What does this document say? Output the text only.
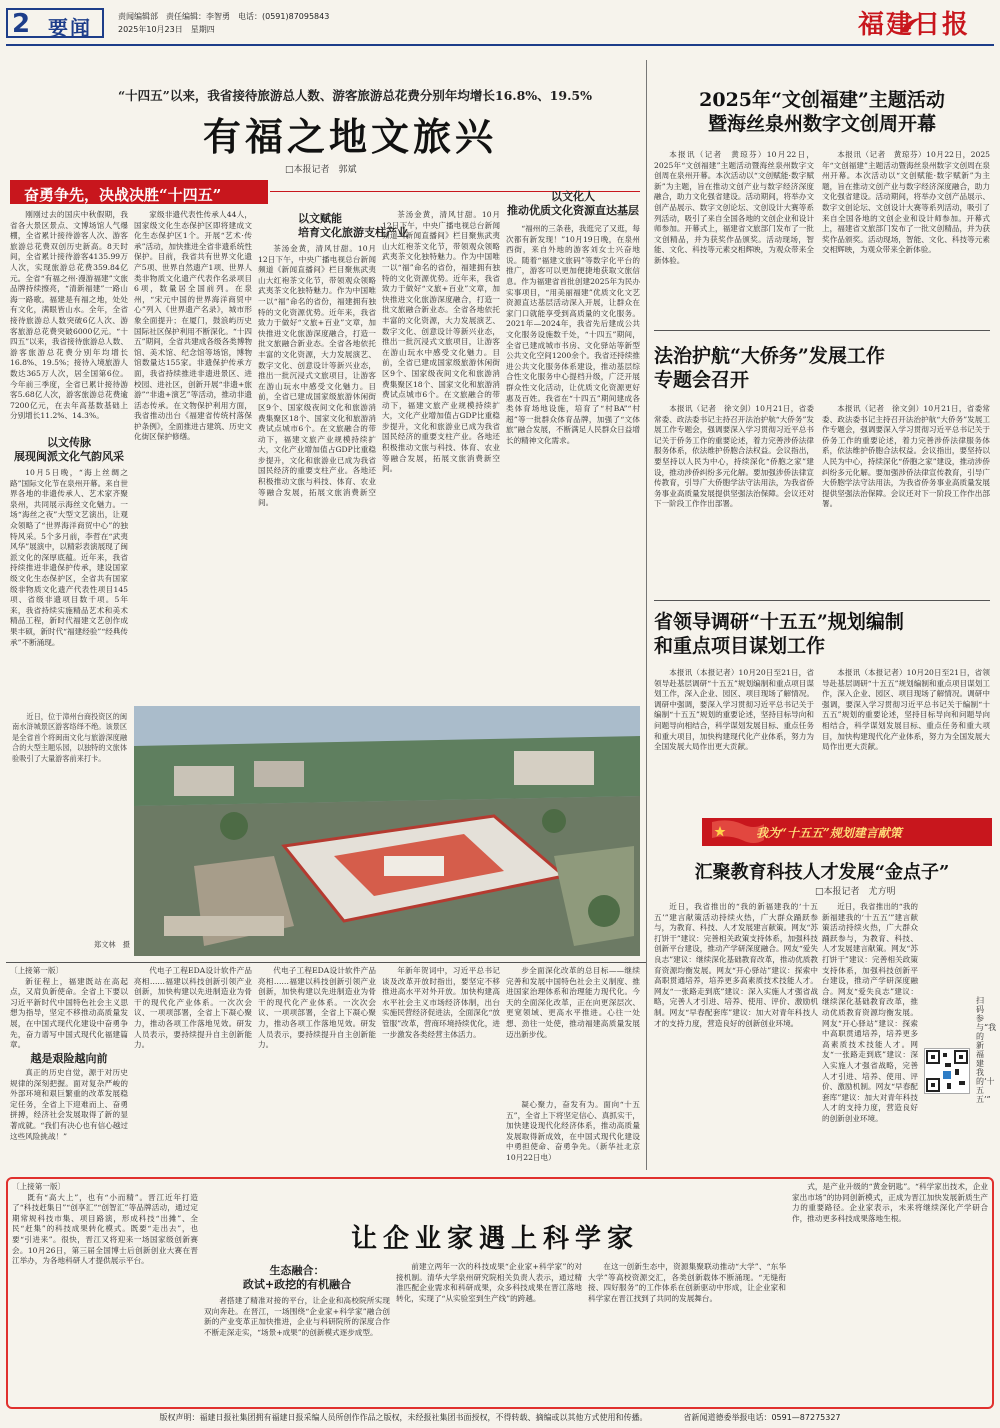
2 要闻	责闻编辑部　责任编辑：李智勇　电话：(0591)87095843
2025年10月23日　星期四	福建日报
“十四五”以来，我省接待旅游总人数、游客旅游总花费分别年均增长16.8%、19.5%
有福之地文旅兴
□本报记者　郭斌
奋勇争先，决战决胜“十四五”

刚刚过去的国庆中秋假期，我省各大景区景点、文博场馆人气爆棚，全省累计接待游客人次、游客旅游总花费双创历史新高。8天时间，全省累计接待游客4135.99万人次，实现旅游总花费359.84亿元。全省“有福之州·漫游福建”文旅品牌持续擦亮，“清新福建”一路山海一路歌。福建是有福之地，处处有文化，满眼皆山水。全年，全省接待旅游总人数突破6亿人次、游客旅游总花费突破6000亿元。“十四五”以来，我省接待旅游总人数、游客旅游总花费分别年均增长16.8%、19.5%；接待入境旅游人数达365万人次，居全国第6位。今年前三季度，全省已累计接待游客5.68亿人次，游客旅游总花费逾7200亿元，在去年高基数基础上分别增长11.2%、14.3%。

以文传脉
展现闽派文化气韵风采

10月5日晚，“海上丝绸之路”国际文化节在泉州开幕。来自世界各地的非遗传承人、艺术家齐聚泉州，共同展示海丝文化魅力。一场“海丝之夜”大型文艺演出，让观众领略了“世界海洋商贸中心”的独特风采。5个多月前，李哲在“武夷风华”展演中，以精彩表演展现了闽派文化的深厚底蕴。近年来，我省持续推进非遗保护传承，建设国家级文化生态保护区，全省共有国家级非物质文化遗产代表性项目145项、省级非遗项目数千项。5年来，我省持续实施精品艺术和美术精品工程，新时代福建文艺创作成果丰硕，新时代“福建经验”“经典传承”不断涌现。

家级非遗代表性传承人44人，国家级文化生态保护区即将建成文化生态保护区1个。开展“艺术·传承”活动，加快推进全省非遗系统性保护。目前，我省共有世界文化遗产5项、世界自然遗产1项、世界人类非物质文化遗产代表作名录项目6项，数量居全国前列。在泉州，“宋元中国的世界海洋商贸中心”列入《世界遗产名录》，城市形象全面提升；在厦门，鼓浪屿历史国际社区保护利用不断深化。“十四五”期间，全省共建成各级各类博物馆、美术馆、纪念馆等场馆，博物馆数量达155家。非遗保护传承方面，我省持续推进非遗进景区、进校园、进社区，创新开展“非遗+旅游”“非遗+演艺”等活动，推动非遗活态传承。在文物保护利用方面，我省推动出台《福建省传统村落保护条例》，全面推进古建筑、历史文化街区保护修缮。

以文赋能
培育文化旅游支柱产业

茶汤金黄，清风甘甜。10月12日下午，中央广播电视总台新闻频道《新闻直播间》栏目聚焦武夷山大红袍茶文化节，带领观众领略武夷茶文化独特魅力。作为中国唯一以“福”命名的省份，福建拥有独特的文化资源优势。近年来，我省致力于做好“文旅+百业”文章，加快推进文化旅游深度融合，打造一批文旅融合新业态。全省各地依托丰富的文化资源，大力发展演艺、数字文化、创意设计等新兴业态，推出一批沉浸式文旅项目，让游客在游山玩水中感受文化魅力。目前，全省已建成国家级旅游休闲街区9个、国家级夜间文化和旅游消费集聚区18个、国家文化和旅游消费试点城市6个。在文旅融合的带动下，福建文旅产业规模持续扩大，文化产业增加值占GDP比重稳步提升，文化和旅游业已成为我省国民经济的重要支柱产业。各地还积极推动文旅与科技、体育、农业等融合发展，拓展文旅消费新空间。

茶汤金黄，清风甘甜。10月12日下午，中央广播电视总台新闻频道《新闻直播间》栏目聚焦武夷山大红袍茶文化节，带领观众领略武夷茶文化独特魅力。作为中国唯一以“福”命名的省份，福建拥有独特的文化资源优势。近年来，我省致力于做好“文旅+百业”文章，加快推进文化旅游深度融合，打造一批文旅融合新业态。全省各地依托丰富的文化资源，大力发展演艺、数字文化、创意设计等新兴业态，推出一批沉浸式文旅项目，让游客在游山玩水中感受文化魅力。目前，全省已建成国家级旅游休闲街区9个、国家级夜间文化和旅游消费集聚区18个、国家文化和旅游消费试点城市6个。在文旅融合的带动下，福建文旅产业规模持续扩大，文化产业增加值占GDP比重稳步提升，文化和旅游业已成为我省国民经济的重要支柱产业。各地还积极推动文旅与科技、体育、农业等融合发展，拓展文旅消费新空间。

以文化人
推动优质文化资源直达基层

“福州的三条巷，我逛完了又逛，每次都有新发现！”10月19日晚，在泉州西街，来自外地的游客刘女士兴奋地说。随着“福建文旅码”等数字化平台的推广，游客可以更加便捷地获取文旅信息。作为福建省首批创建2025年为民办实事项目，“用美丽福建”优质文化文艺资源直达基层活动深入开展，让群众在家门口就能享受到高质量的文化服务。2021年—2024年，我省先后建成公共文化服务设施数千处，“十四五”期间，全省已建成城市书房、文化驿站等新型公共文化空间1200余个。我省还持续推进公共文化服务体系建设，推动基层综合性文化服务中心提档升级，广泛开展群众性文化活动，让优质文化资源更好惠及百姓。我省在“十四五”期间建成各类体育场地设施，培育了“村BA”“村超”等一批群众体育品牌，加强了“文体旅”融合发展，不断满足人民群众日益增长的精神文化需求。

近日，位于漳州台商投资区的闽南水浒城景区游客络绎不绝。该景区是全省首个将闽南文化与旅游深度融合的大型主题乐园，以独特的文旅体验吸引了大量游客前来打卡。
郑文林　摄
2025年“文创福建”主题活动
暨海丝泉州数字文创周开幕

本报讯（记者　黄琼芬）10月22日，2025年“文创福建”主题活动暨海丝泉州数字文创周在泉州开幕。本次活动以“文创赋能·数字赋新”为主题，旨在推动文创产业与数字经济深度融合，助力文化强省建设。活动期间，将举办文创产品展示、数字文创论坛、文创设计大赛等系列活动，吸引了来自全国各地的文创企业和设计师参加。开幕式上，福建省文旅部门发布了一批文创精品，并为获奖作品颁奖。活动现场，智能、文化、科技等元素交相辉映，为观众带来全新体验。

本报讯（记者　黄琼芬）10月22日，2025年“文创福建”主题活动暨海丝泉州数字文创周在泉州开幕。本次活动以“文创赋能·数字赋新”为主题，旨在推动文创产业与数字经济深度融合，助力文化强省建设。活动期间，将举办文创产品展示、数字文创论坛、文创设计大赛等系列活动，吸引了来自全国各地的文创企业和设计师参加。开幕式上，福建省文旅部门发布了一批文创精品，并为获奖作品颁奖。活动现场，智能、文化、科技等元素交相辉映，为观众带来全新体验。

法治护航“大侨务”发展工作
专题会召开

本报讯（记者　徐文剑）10月21日，省委常委、政法委书记主持召开法治护航“大侨务”发展工作专题会，强调要深入学习贯彻习近平总书记关于侨务工作的重要论述，着力完善涉侨法律服务体系，依法维护侨胞合法权益。会议指出，要坚持以人民为中心，持续深化“侨胞之家”建设，推动涉侨纠纷多元化解。要加强涉侨法律宣传教育，引导广大侨胞学法守法用法，为我省侨务事业高质量发展提供坚强法治保障。会议还对下一阶段工作作出部署。

本报讯（记者　徐文剑）10月21日，省委常委、政法委书记主持召开法治护航“大侨务”发展工作专题会，强调要深入学习贯彻习近平总书记关于侨务工作的重要论述，着力完善涉侨法律服务体系，依法维护侨胞合法权益。会议指出，要坚持以人民为中心，持续深化“侨胞之家”建设，推动涉侨纠纷多元化解。要加强涉侨法律宣传教育，引导广大侨胞学法守法用法，为我省侨务事业高质量发展提供坚强法治保障。会议还对下一阶段工作作出部署。

省领导调研“十五五”规划编制
和重点项目谋划工作

本报讯（本报记者）10月20日至21日，省领导赴基层调研“十五五”规划编制和重点项目谋划工作，深入企业、园区、项目现场了解情况。调研中强调，要深入学习贯彻习近平总书记关于编制“十五五”规划的重要论述，坚持目标导向和问题导向相结合，科学谋划发展目标、重点任务和重大项目，加快构建现代化产业体系，努力为全国发展大局作出更大贡献。

本报讯（本报记者）10月20日至21日，省领导赴基层调研“十五五”规划编制和重点项目谋划工作，深入企业、园区、项目现场了解情况。调研中强调，要深入学习贯彻习近平总书记关于编制“十五五”规划的重要论述，坚持目标导向和问题导向相结合，科学谋划发展目标、重点任务和重大项目，加快构建现代化产业体系，努力为全国发展大局作出更大贡献。

我为“十五五”规划建言献策
汇聚教育科技人才发展“金点子”
□本报记者　尤方明

近日，我省推出的“我的新福建我的‘十五五’”建言献策活动持续火热，广大群众踊跃参与，为教育、科技、人才发展建言献策。网友“苏打饼干”建议：完善相关政策支持体系，加强科技创新平台建设，推动产学研深度融合。网友“爱失良志”建议：继续深化基础教育改革，推动优质教育资源均衡发展。网友“开心驿站”建议：探索中高职贯通培养，培养更多高素质技术技能人才。网友“一张路走到底”建议：深入实施人才强省战略，完善人才引进、培养、使用、评价、激励机制。网友“早春配套库”建议：加大对青年科技人才的支持力度，营造良好的创新创业环境。

近日，我省推出的“我的新福建我的‘十五五’”建言献策活动持续火热，广大群众踊跃参与，为教育、科技、人才发展建言献策。网友“苏打饼干”建议：完善相关政策支持体系，加强科技创新平台建设，推动产学研深度融合。网友“爱失良志”建议：继续深化基础教育改革，推动优质教育资源均衡发展。网友“开心驿站”建议：探索中高职贯通培养，培养更多高素质技术技能人才。网友“一张路走到底”建议：深入实施人才强省战略，完善人才引进、培养、使用、评价、激励机制。网友“早春配套库”建议：加大对青年科技人才的支持力度，营造良好的创新创业环境。

扫码参与“我的新福建我的‘十五五’”
〔上接第一版〕

新征程上，福建既站在高起点，又肩负新使命。全省上下要以习近平新时代中国特色社会主义思想为指导，坚定不移推动高质量发展，在中国式现代化建设中奋勇争先，奋力谱写中国式现代化福建篇章。

越是艰险越向前

真正的历史自觉，源于对历史规律的深刻把握。面对复杂严峻的外部环境和艰巨繁重的改革发展稳定任务，全省上下迎难而上、奋勇拼搏，经济社会发展取得了新的显著成就。“我们有决心也有信心越过这些风险挑战！”

代电子工程EDA设计软件产品亮相……福建以科技创新引领产业创新，加快构建以先进制造业为骨干的现代化产业体系。一次次会议、一项项部署，全省上下凝心聚力，推动各项工作落地见效。研发人员表示，要持续提升自主创新能力。

代电子工程EDA设计软件产品亮相……福建以科技创新引领产业创新，加快构建以先进制造业为骨干的现代化产业体系。一次次会议、一项项部署，全省上下凝心聚力，推动各项工作落地见效。研发人员表示，要持续提升自主创新能力。

年新年贺词中，习近平总书记谈及改革开放时指出，要坚定不移推进高水平对外开放。加快构建高水平社会主义市场经济体制，出台实施民营经济促进法，全面深化“放管服”改革，营商环境持续优化，进一步激发各类经营主体活力。

步全面深化改革的总目标——继续完善和发展中国特色社会主义制度、推进国家治理体系和治理能力现代化。今天的全面深化改革，正在向更深层次、更宽领域、更高水平推进。心往一处想、劲往一处使，推动福建高质量发展迈出新步伐。

凝心聚力，奋发有为。面向“十五五”，全省上下将坚定信心、真抓实干，加快建设现代化经济体系，推动高质量发展取得新成效，在中国式现代化建设中勇担使命、奋勇争先。（新华社北京10月22日电）

〔上接第一版〕

既有“高大上”，也有“小而精”。晋江近年打造了“科技赶集日”“创享汇”“创智汇”等品牌活动，通过定期常规科技市集、项目路演，形成科技“出摊”、全民“赶集”的科技成果转化模式。既要“走出去”，也要“引进来”。很快，晋江又将迎来一场国家级创新赛会。10月26日，第三届全国博士后创新创业大赛在晋江举办，为各地科研人才提供展示平台。

让企业家遇上科学家
生态融合：
政试+政挖的有机融合

者搭建了精准对接的平台，让企业和高校院所实现双向奔赴。在晋江，一场围绕“企业家+科学家”融合创新的产业变革正加快推进，企业与科研院所的深度合作不断走深走实，“场景+成果”的创新模式逐步成型。

前建立两年一次的科技成果“企业家+科学家”的对接机制。清华大学泉州研究院相关负责人表示，通过精准匹配企业需求和科研成果，众多科技成果在晋江落地转化，实现了“从实验室到生产线”的跨越。

在这一创新生态中，资源集聚联动推动“大学”、“东华大学”等高校资源交汇，各类创新载体不断涌现。“无缝衔接、四好服务”的工作体系在创新驱动中形成，让企业家和科学家在晋江找到了共同的发展舞台。

式，是产业升级的“黄金钥匙”。“科学家出技术，企业家出市场”的协同创新模式，正成为晋江加快发展新质生产力的重要路径。企业家表示，未来将继续深化产学研合作，推动更多科技成果落地生根。

版权声明：福建日报社集团拥有福建日报采编人员所创作作品之版权，未经报社集团书面授权，不得转载、摘编或以其他方式使用和传播。　　　　　省新闻道德委举报电话：0591—87275327
